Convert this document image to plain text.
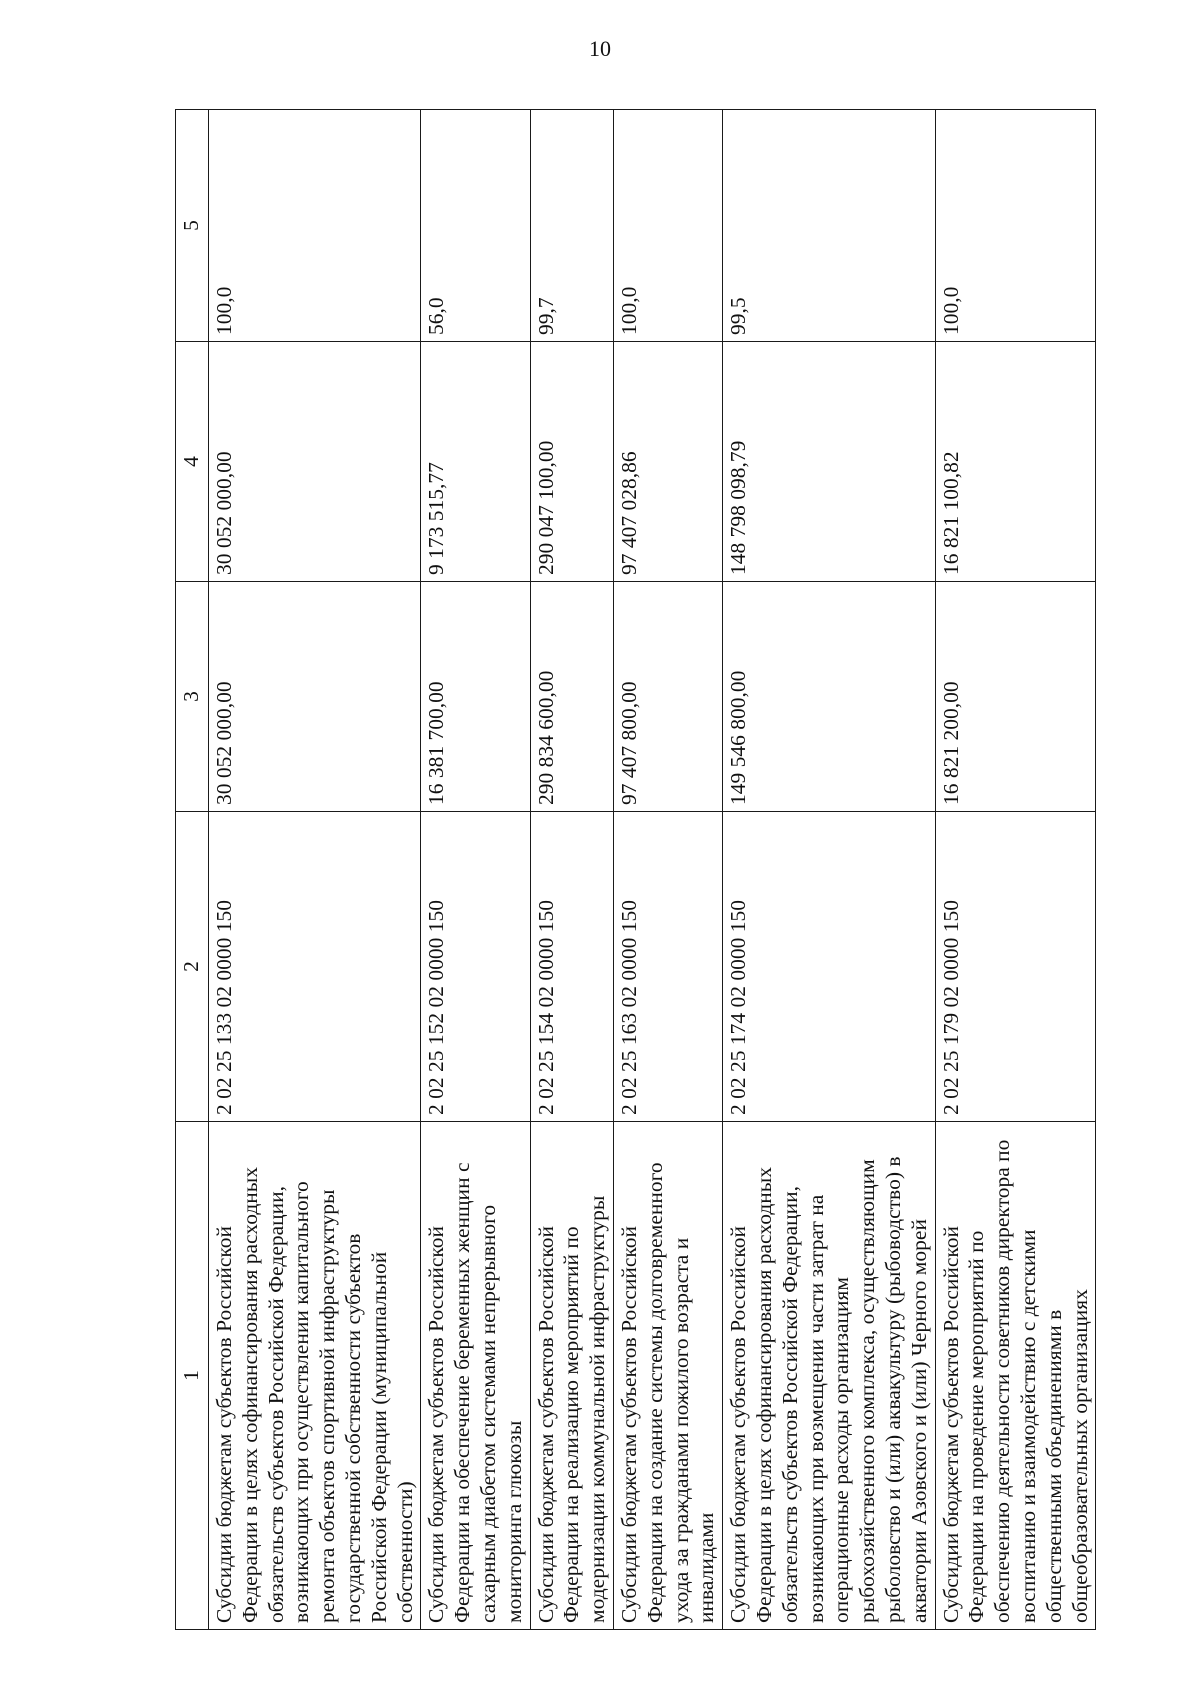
10
1	2	3	4	5
Субсидии бюджетам субъектов Российской Федерации в целях софинансирования расходных обязательств субъектов Российской Федерации, возникающих при осуществлении капитального ремонта объектов спортивной инфраструктуры государственной собственности субъектов Российской Федерации (муниципальной собственности)	2 02 25 133 02 0000 150	30 052 000,00	30 052 000,00	100,0
Субсидии бюджетам субъектов Российской Федерации на обеспечение беременных женщин с сахарным диабетом системами непрерывного мониторинга глюкозы	2 02 25 152 02 0000 150	16 381 700,00	9 173 515,77	56,0
Субсидии бюджетам субъектов Российской Федерации на реализацию мероприятий по модернизации коммунальной инфраструктуры	2 02 25 154 02 0000 150	290 834 600,00	290 047 100,00	99,7
Субсидии бюджетам субъектов Российской Федерации на создание системы долговременного ухода за гражданами пожилого возраста и инвалидами	2 02 25 163 02 0000 150	97 407 800,00	97 407 028,86	100,0
Субсидии бюджетам субъектов Российской Федерации в целях софинансирования расходных обязательств субъектов Российской Федерации, возникающих при возмещении части затрат на операционные расходы организациям рыбохозяйственного комплекса, осуществляющим рыболовство и (или) аквакультуру (рыбоводство) в акватории Азовского и (или) Черного морей	2 02 25 174 02 0000 150	149 546 800,00	148 798 098,79	99,5
Субсидии бюджетам субъектов Российской Федерации на проведение мероприятий по обеспечению деятельности советников директора по воспитанию и взаимодействию с детскими общественными объединениями в общеобразовательных организациях	2 02 25 179 02 0000 150	16 821 200,00	16 821 100,82	100,0
